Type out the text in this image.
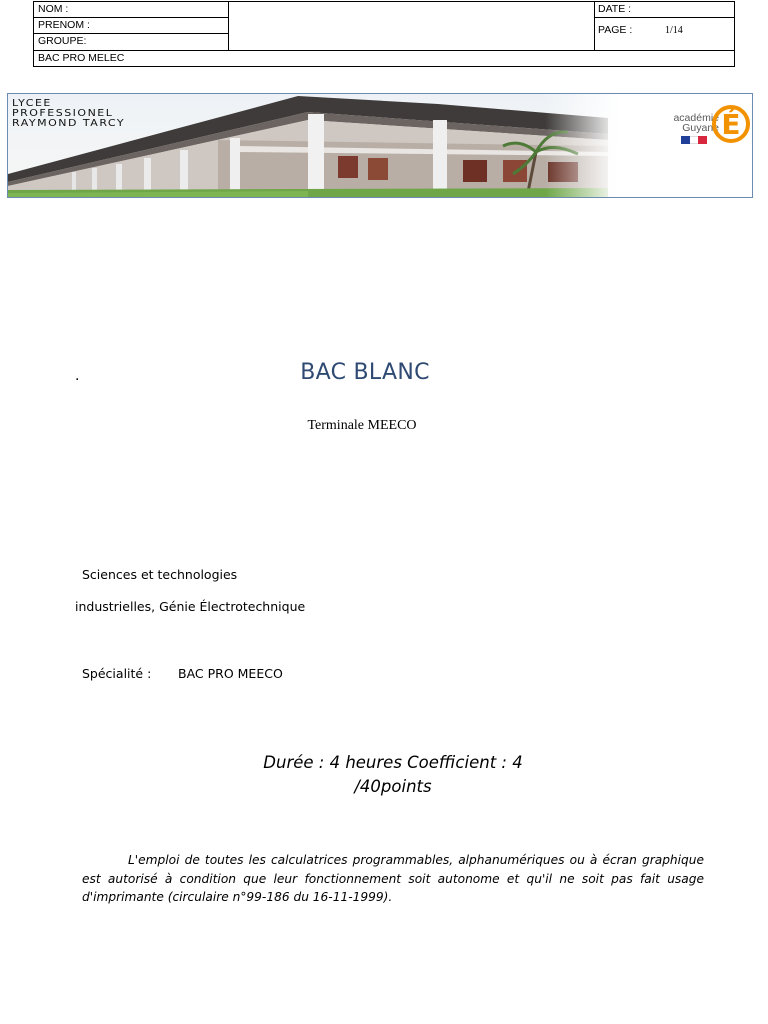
NOM :
PRENOM :
GROUPE:
BAC PRO MELEC
DATE :
PAGE :	1/14
LYCEE
PROFESSIONEL
RAYMOND TARCY	académie
Guyane É
.	BAC BLANC
Terminale MEECO
Sciences et technologies
industrielles, Génie Électrotechnique
Spécialité : BAC PRO MEECO
Durée : 4 heures Coefficient : 4
/40points
L'emploi de toutes les calculatrices programmables, alphanumériques ou à écran graphique est autorisé à condition que leur fonctionnement soit autonome et qu'il ne soit pas fait usage d'imprimante (circulaire n°99-186 du 16-11-1999).
